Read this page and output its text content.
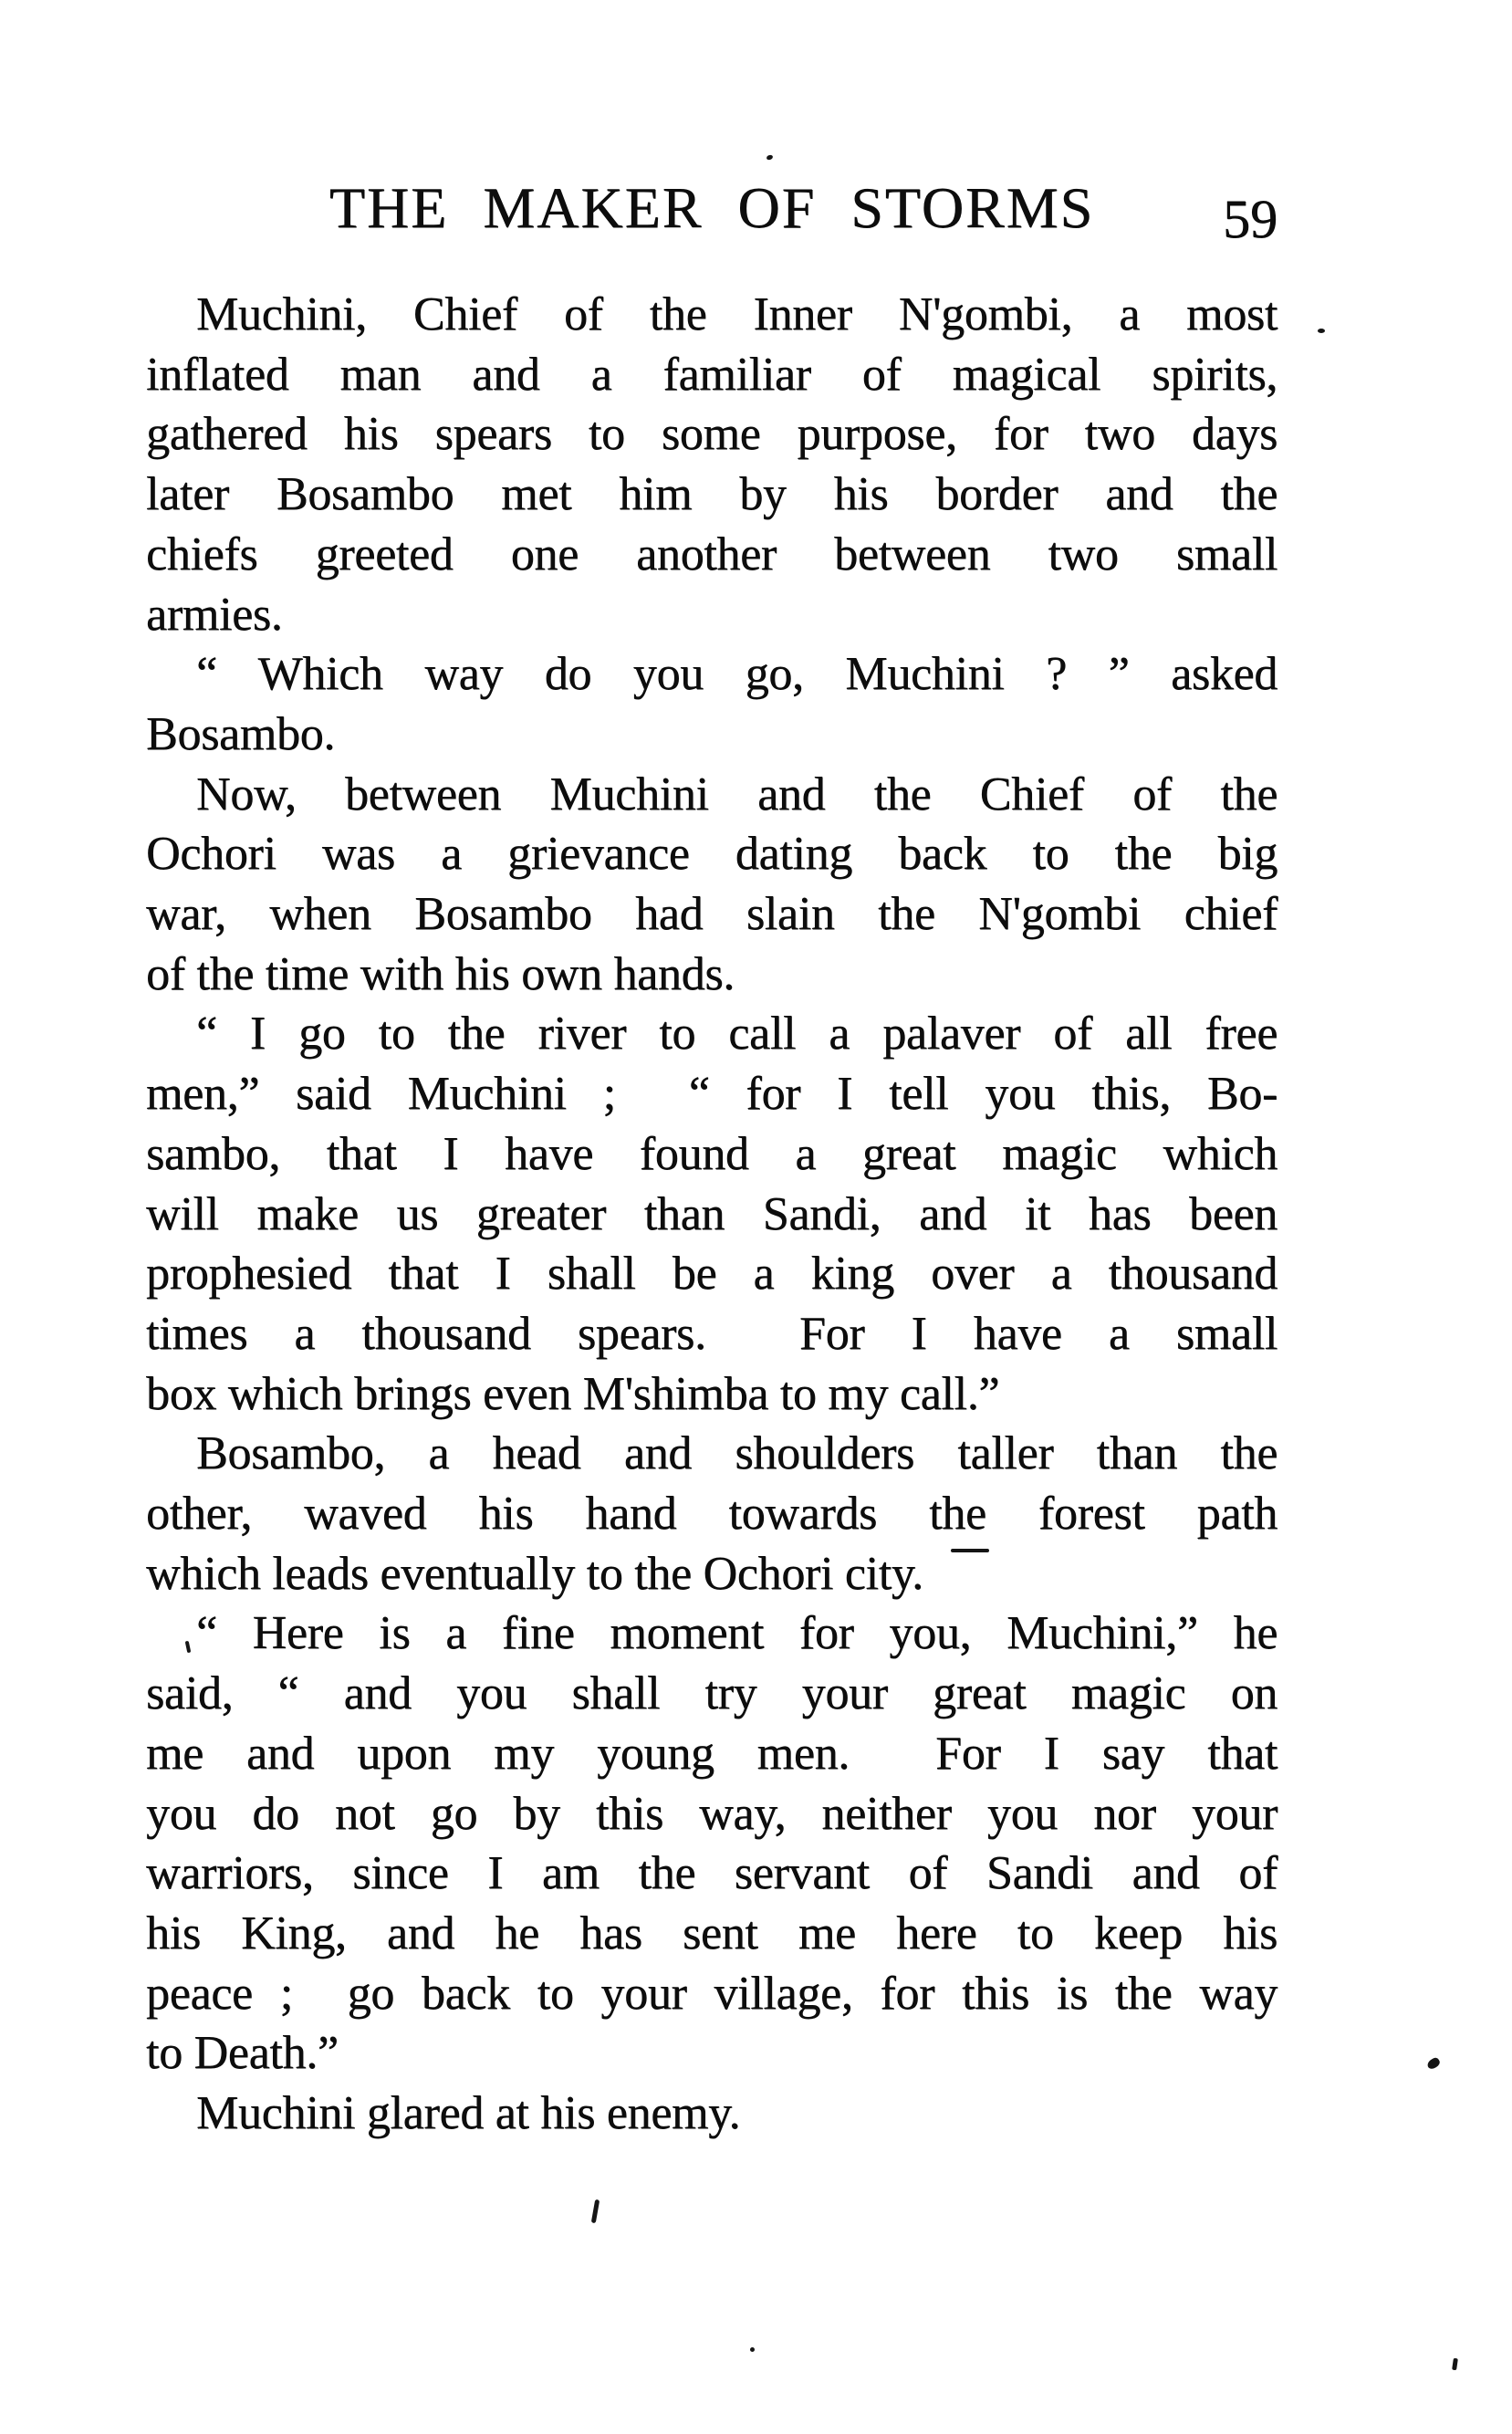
THE MAKER OF STORMS	59
Muchini, Chief of the Inner N'gombi, a most
inflated man and a familiar of magical spirits,
gathered his spears to some purpose, for two days
later Bosambo met him by his border and the
chiefs greeted one another between two small
armies.
“ Which way do you go, Muchini ? ” asked
Bosambo.
Now, between Muchini and the Chief of the
Ochori was a grievance dating back to the big
war, when Bosambo had slain the N'gombi chief
of the time with his own hands.
“ I go to the river to call a palaver of all free
men,” said Muchini ;  “ for I tell you this, Bo-
sambo, that I have found a great magic which
will make us greater than Sandi, and it has been
prophesied that I shall be a king over a thousand
times a thousand spears.  For I have a small
box which brings even M'shimba to my call.”
Bosambo, a head and shoulders taller than the
other, waved his hand towards the forest path
which leads eventually to the Ochori city.
“ Here is a fine moment for you, Muchini,” he
said, “ and you shall try your great magic on
me and upon my young men.  For I say that
you do not go by this way, neither you nor your
warriors, since I am the servant of Sandi and of
his King, and he has sent me here to keep his
peace ;  go back to your village, for this is the way
to Death.”
Muchini glared at his enemy.
